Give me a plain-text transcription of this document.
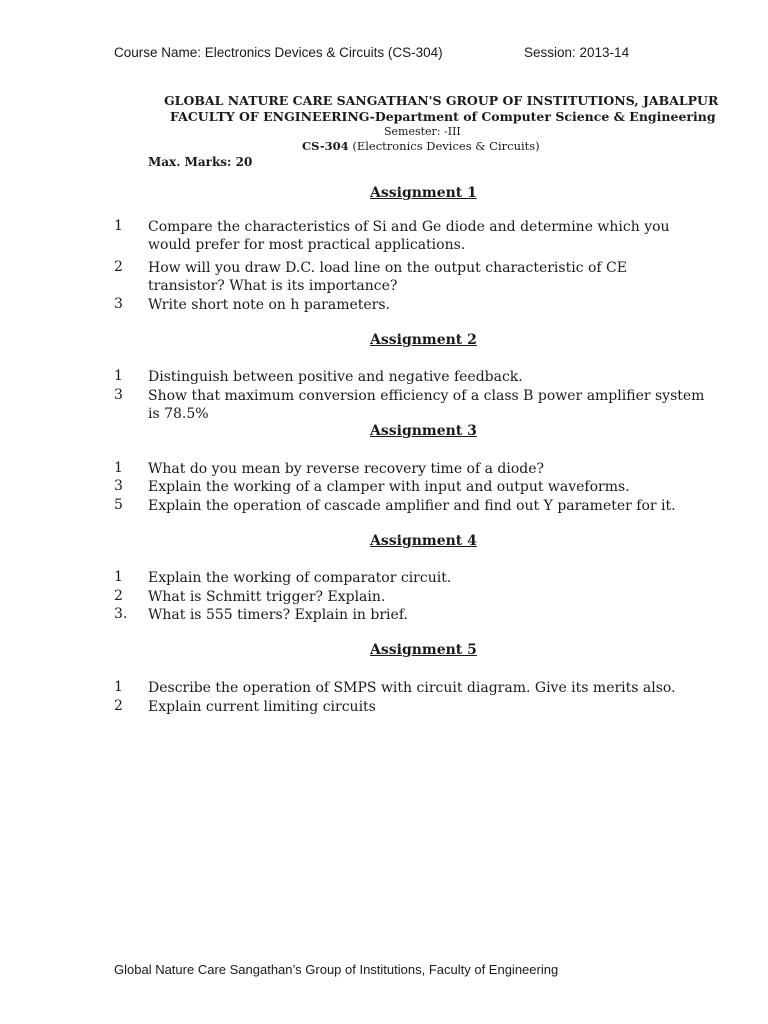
Course Name: Electronics Devices & Circuits (CS-304)	Session: 2013-14
GLOBAL NATURE CARE SANGATHAN'S GROUP OF INSTITUTIONS, JABALPUR
FACULTY OF ENGINEERING-Department of Computer Science & Engineering
Semester: -III
CS-304 (Electronics Devices & Circuits)
Max. Marks: 20
Assignment 1
1 Compare the characteristics of Si and Ge diode and determine which you would prefer for most practical applications.
2 How will you draw D.C. load line on the output characteristic of CE transistor? What is its importance?
3 Write short note on h parameters.
Assignment 2
1 Distinguish between positive and negative feedback.
3 Show that maximum conversion efficiency of a class B power amplifier system is 78.5%
Assignment 3
1 What do you mean by reverse recovery time of a diode?
3 Explain the working of a clamper with input and output waveforms.
5 Explain the operation of cascade amplifier and find out Y parameter for it.
Assignment 4
1 Explain the working of comparator circuit.
2 What is Schmitt trigger? Explain.
3. What is 555 timers? Explain in brief.
Assignment 5
1 Describe the operation of SMPS with circuit diagram. Give its merits also.
2 Explain current limiting circuits
Global Nature Care Sangathan’s Group of Institutions, Faculty of Engineering
